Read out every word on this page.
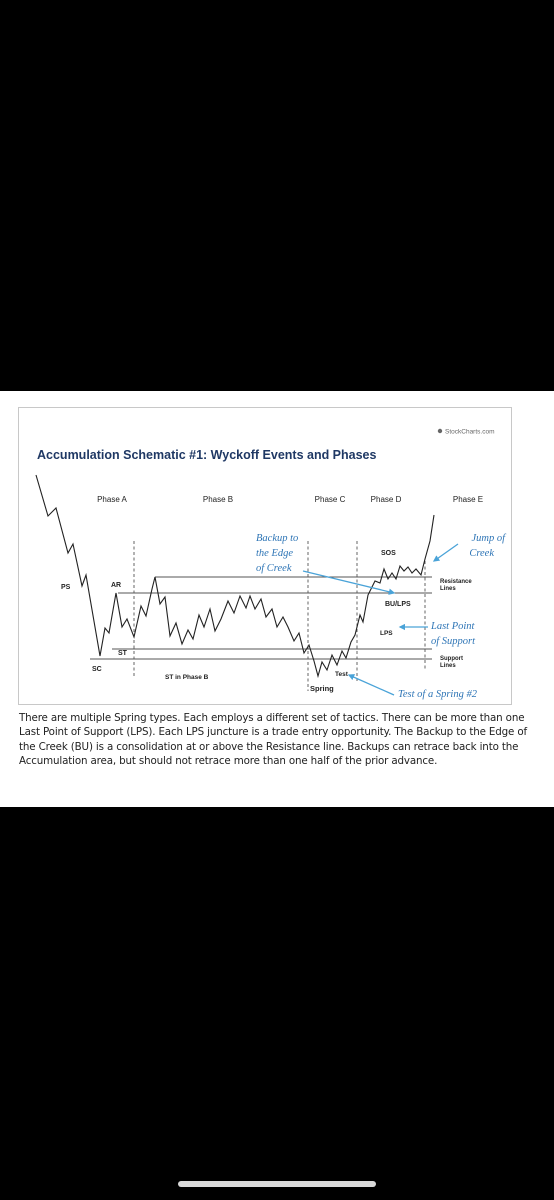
StockCharts.com
Accumulation Schematic #1: Wyckoff Events and Phases
Phase A	Phase B	Phase C	Phase D	Phase E
PS
SC
AR
ST
ST in Phase B
Spring
Test
SOS
BU/LPS
LPS
Resistance
Lines
Support
Lines
Backup to
the Edge
of Creek
Jump of
Creek
Last Point
of Support
Test of a Spring #2

There are multiple Spring types. Each employs a different set of tactics. There can be more than one Last Point of Support (LPS). Each LPS juncture is a trade entry opportunity. The Backup to the Edge of the Creek (BU) is a consolidation at or above the Resistance line. Backups can retrace back into the Accumulation area, but should not retrace more than one half of the prior advance.
